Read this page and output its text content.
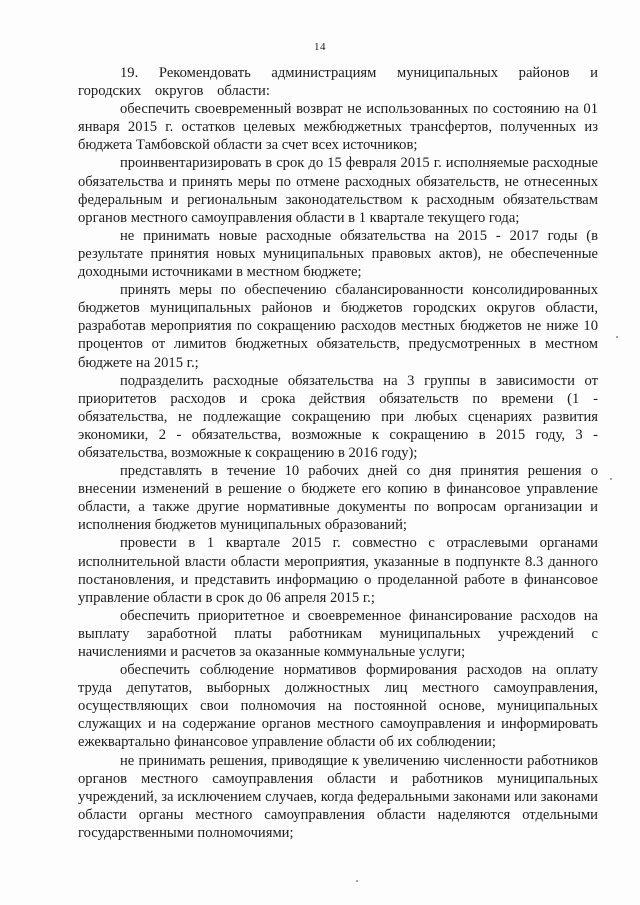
14

19. Рекомендовать администрациям муниципальных районов и городских округов области:

обеспечить своевременный возврат не использованных по состоянию на 01 января 2015 г. остатков целевых межбюджетных трансфертов, полученных из бюджета Тамбовской области за счет всех источников;

проинвентаризировать в срок до 15 февраля 2015 г. исполняемые расходные обязательства и принять меры по отмене расходных обязательств, не отнесенных федеральным и региональным законодательством к расходным обязательствам органов местного самоуправления области в 1 квартале текущего года;

не принимать новые расходные обязательства на 2015 - 2017 годы (в результате принятия новых муниципальных правовых актов), не обеспеченные доходными источниками в местном бюджете;

принять меры по обеспечению сбалансированности консолидированных бюджетов муниципальных районов и бюджетов городских округов области, разработав мероприятия по сокращению расходов местных бюджетов не ниже 10 процентов от лимитов бюджетных обязательств, предусмотренных в местном бюджете на 2015 г.;

подразделить расходные обязательства на 3 группы в зависимости от приоритетов расходов и срока действия обязательств по времени (1 - обязательства, не подлежащие сокращению при любых сценариях развития экономики, 2 - обязательства, возможные к сокращению в 2015 году, 3 - обязательства, возможные к сокращению в 2016 году);

представлять в течение 10 рабочих дней со дня принятия решения о внесении изменений в решение о бюджете его копию в финансовое управление области, а также другие нормативные документы по вопросам организации и исполнения бюджетов муниципальных образований;

провести в 1 квартале 2015 г. совместно с отраслевыми органами исполнительной власти области мероприятия, указанные в подпункте 8.3 данного постановления, и представить информацию о проделанной работе в финансовое управление области в срок до 06 апреля 2015 г.;

обеспечить приоритетное и своевременное финансирование расходов на выплату заработной платы работникам муниципальных учреждений с начислениями и расчетов за оказанные коммунальные услуги;

обеспечить соблюдение нормативов формирования расходов на оплату труда депутатов, выборных должностных лиц местного самоуправления, осуществляющих свои полномочия на постоянной основе, муниципальных служащих и на содержание органов местного самоуправления и информировать ежеквартально финансовое управление области об их соблюдении;

не принимать решения, приводящие к увеличению численности работников органов местного самоуправления области и работников муниципальных учреждений, за исключением случаев, когда федеральными законами или законами области органы местного самоуправления области наделяются отдельными государственными полномочиями;
